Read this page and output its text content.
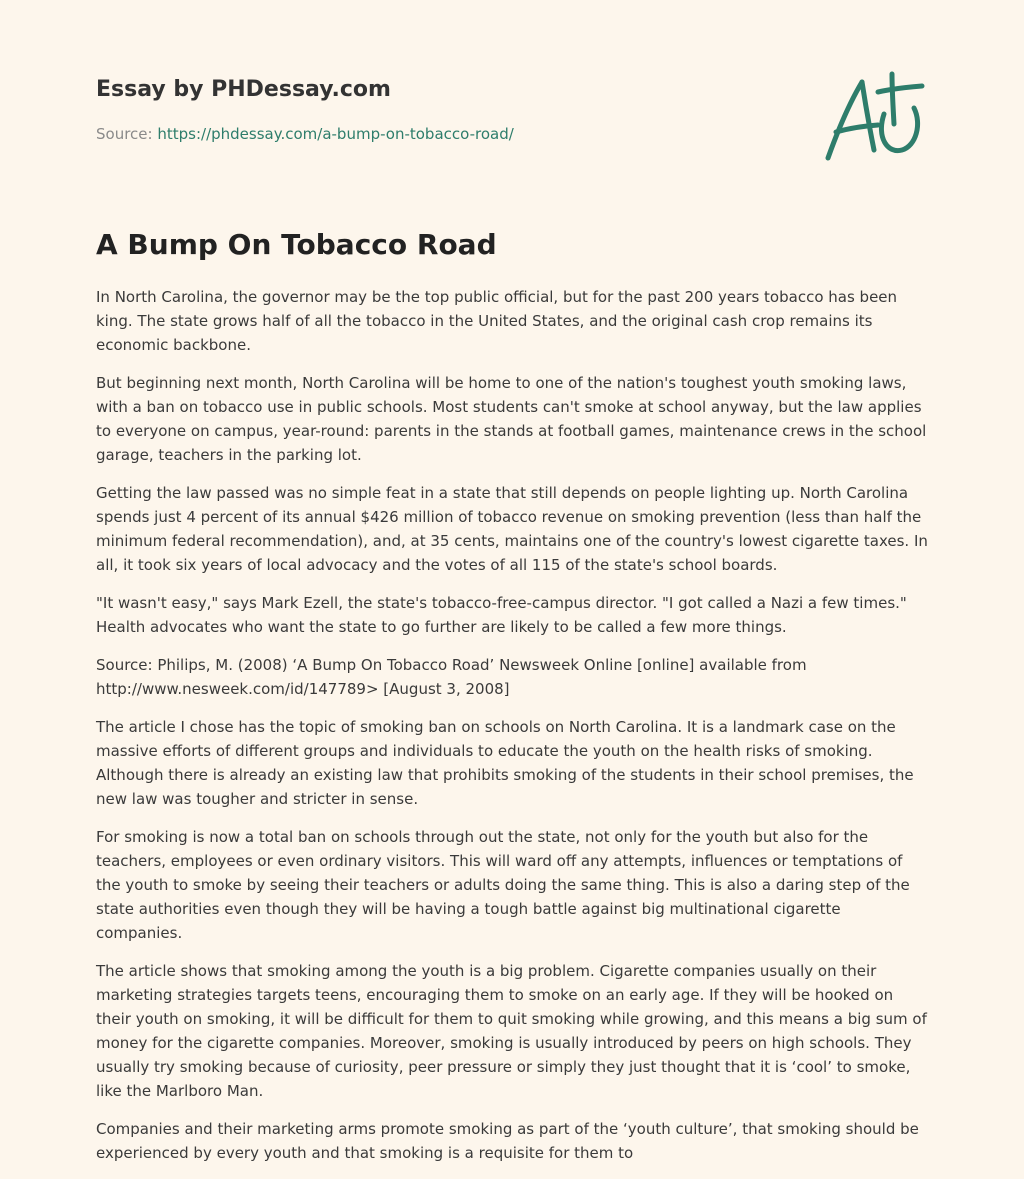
Essay by PHDessay.com
Source: https://phdessay.com/a-bump-on-tobacco-road/
A Bump On Tobacco Road

In North Carolina, the governor may be the top public official, but for the past 200 years tobacco has been king. The state grows half of all the tobacco in the United States, and the original cash crop remains its economic backbone.

But beginning next month, North Carolina will be home to one of the nation's toughest youth smoking laws, with a ban on tobacco use in public schools. Most students can't smoke at school anyway, but the law applies to everyone on campus, year-round: parents in the stands at football games, maintenance crews in the school garage, teachers in the parking lot.

Getting the law passed was no simple feat in a state that still depends on people lighting up. North Carolina spends just 4 percent of its annual $426 million of tobacco revenue on smoking prevention (less than half the minimum federal recommendation), and, at 35 cents, maintains one of the country's lowest cigarette taxes. In all, it took six years of local advocacy and the votes of all 115 of the state's school boards.

"It wasn't easy," says Mark Ezell, the state's tobacco-free-campus director. "I got called a Nazi a few times." Health advocates who want the state to go further are likely to be called a few more things.

Source: Philips, M. (2008) ‘A Bump On Tobacco Road’ Newsweek Online [online] available from http://www.nesweek.com/id/147789> [August 3, 2008]

The article I chose has the topic of smoking ban on schools on North Carolina. It is a landmark case on the massive efforts of different groups and individuals to educate the youth on the health risks of smoking. Although there is already an existing law that prohibits smoking of the students in their school premises, the new law was tougher and stricter in sense.

For smoking is now a total ban on schools through out the state, not only for the youth but also for the teachers, employees or even ordinary visitors. This will ward off any attempts, influences or temptations of the youth to smoke by seeing their teachers or adults doing the same thing. This is also a daring step of the state authorities even though they will be having a tough battle against big multinational cigarette companies.

The article shows that smoking among the youth is a big problem. Cigarette companies usually on their marketing strategies targets teens, encouraging them to smoke on an early age. If they will be hooked on their youth on smoking, it will be difficult for them to quit smoking while growing, and this means a big sum of money for the cigarette companies. Moreover, smoking is usually introduced by peers on high schools. They usually try smoking because of curiosity, peer pressure or simply they just thought that it is ‘cool’ to smoke, like the Marlboro Man.

Companies and their marketing arms promote smoking as part of the ‘youth culture’, that smoking should be experienced by every youth and that smoking is a requisite for them to
